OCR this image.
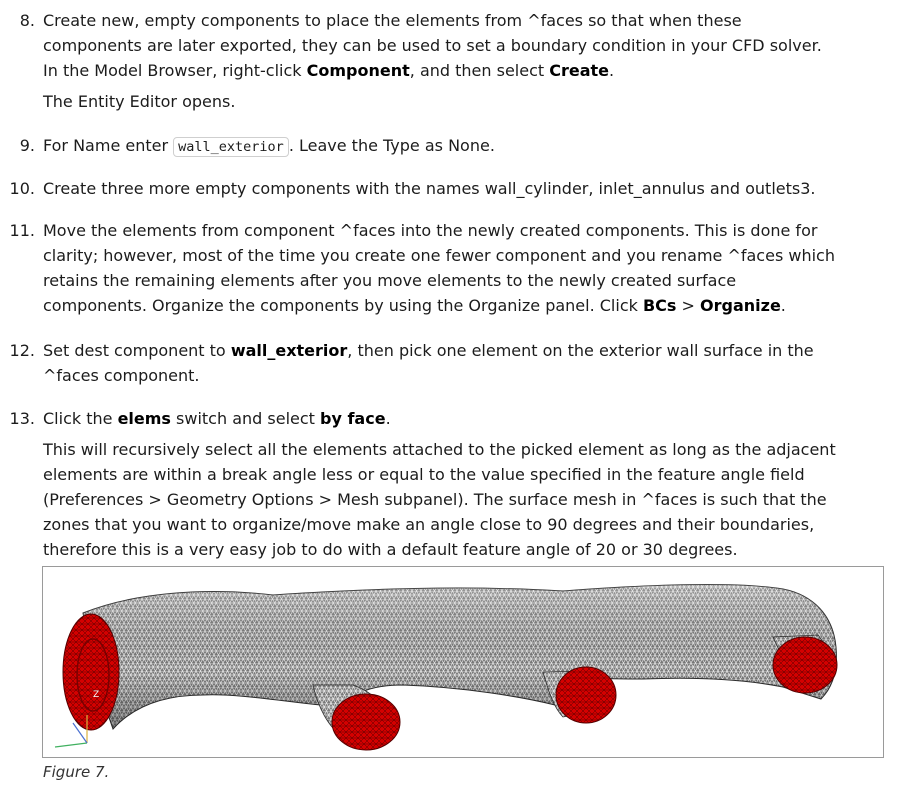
8. Create new, empty components to place the elements from ^faces so that when these
components are later exported, they can be used to set a boundary condition in your CFD solver.
In the Model Browser, right-click Component, and then select Create.

The Entity Editor opens.

9. For Name enter wall_exterior . Leave the Type as None.

10. Create three more empty components with the names wall_cylinder, inlet_annulus and outlets3.

11. Move the elements from component ^faces into the newly created components. This is done for
clarity; however, most of the time you create one fewer component and you rename ^faces which
retains the remaining elements after you move elements to the newly created surface
components. Organize the components by using the Organize panel. Click BCs > Organize.

12. Set dest component to wall_exterior, then pick one element on the exterior wall surface in the
^faces component.

13. Click the elems switch and select by face.

This will recursively select all the elements attached to the picked element as long as the adjacent
elements are within a break angle less or equal to the value specified in the feature angle field
(Preferences > Geometry Options > Mesh subpanel). The surface mesh in ^faces is such that the
zones that you want to organize/move make an angle close to 90 degrees and their boundaries,
therefore this is a very easy job to do with a default feature angle of 20 or 30 degrees.

Z
Figure 7.
